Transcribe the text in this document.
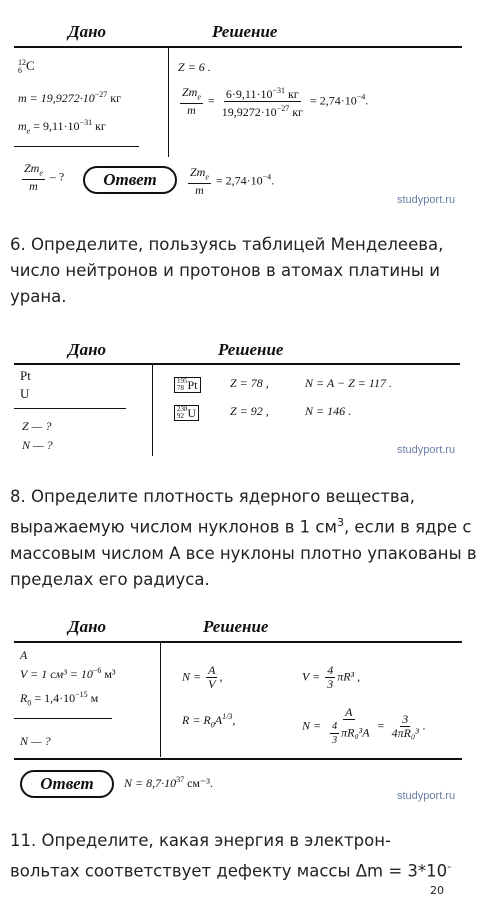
Дано	Решение
12
6 C
$m = 19,9272\cdot 10^{-27}$ кг
$m_e = 9,11\cdot 10^{-31}$ кг
Z = 6 .
$\frac{Zm_e}{m} = \frac{6\cdot 9,11\cdot 10^{-31} кг}{19,9272\cdot 10^{-27} кг} = 2,74\cdot 10^{-4}$.
$\frac{Zm_e}{m}$ – ?	Ответ	$\frac{Zm_e}{m} = 2,74\cdot 10^{-4}$.
studyport.ru
6. Определите, пользуясь таблицей Менделеева, число нейтронов и протонов в атомах платины и урана.
Дано	Решение
Pt
U
Z — ?
N — ?
195
78 Pt	Z = 78 ,	N = A − Z = 117 .
238
92 U	Z = 92 ,	N = 146 .
studyport.ru
8. Определите плотность ядерного вещества, выражаемую числом нуклонов в 1 $см^3$, если в ядре с массовым числом А все нуклоны плотно упакованы в пределах его радиуса.
Дано	Решение
A
V = 1 $см^3 = 10^{-6}$ м³
$R_0 = 1,4\cdot 10^{-15}$ м
N — ?
$N = \frac{A}{V}$ ,	$V = \frac{4}{3} \pi R^3$ ,
$R = R_0A^{1/3}$,	$N = \frac{A}{\frac{4}{3} \pi R_0^3A} = \frac{3}{\text{4πR₀³}}$ .
Ответ	$N = 8,7\cdot 10^{37}$ см⁻³.
studyport.ru
11. Определите, какая энергия в электрон-
вольтах соответствует дефекту массы Δm = 3*10-
20
